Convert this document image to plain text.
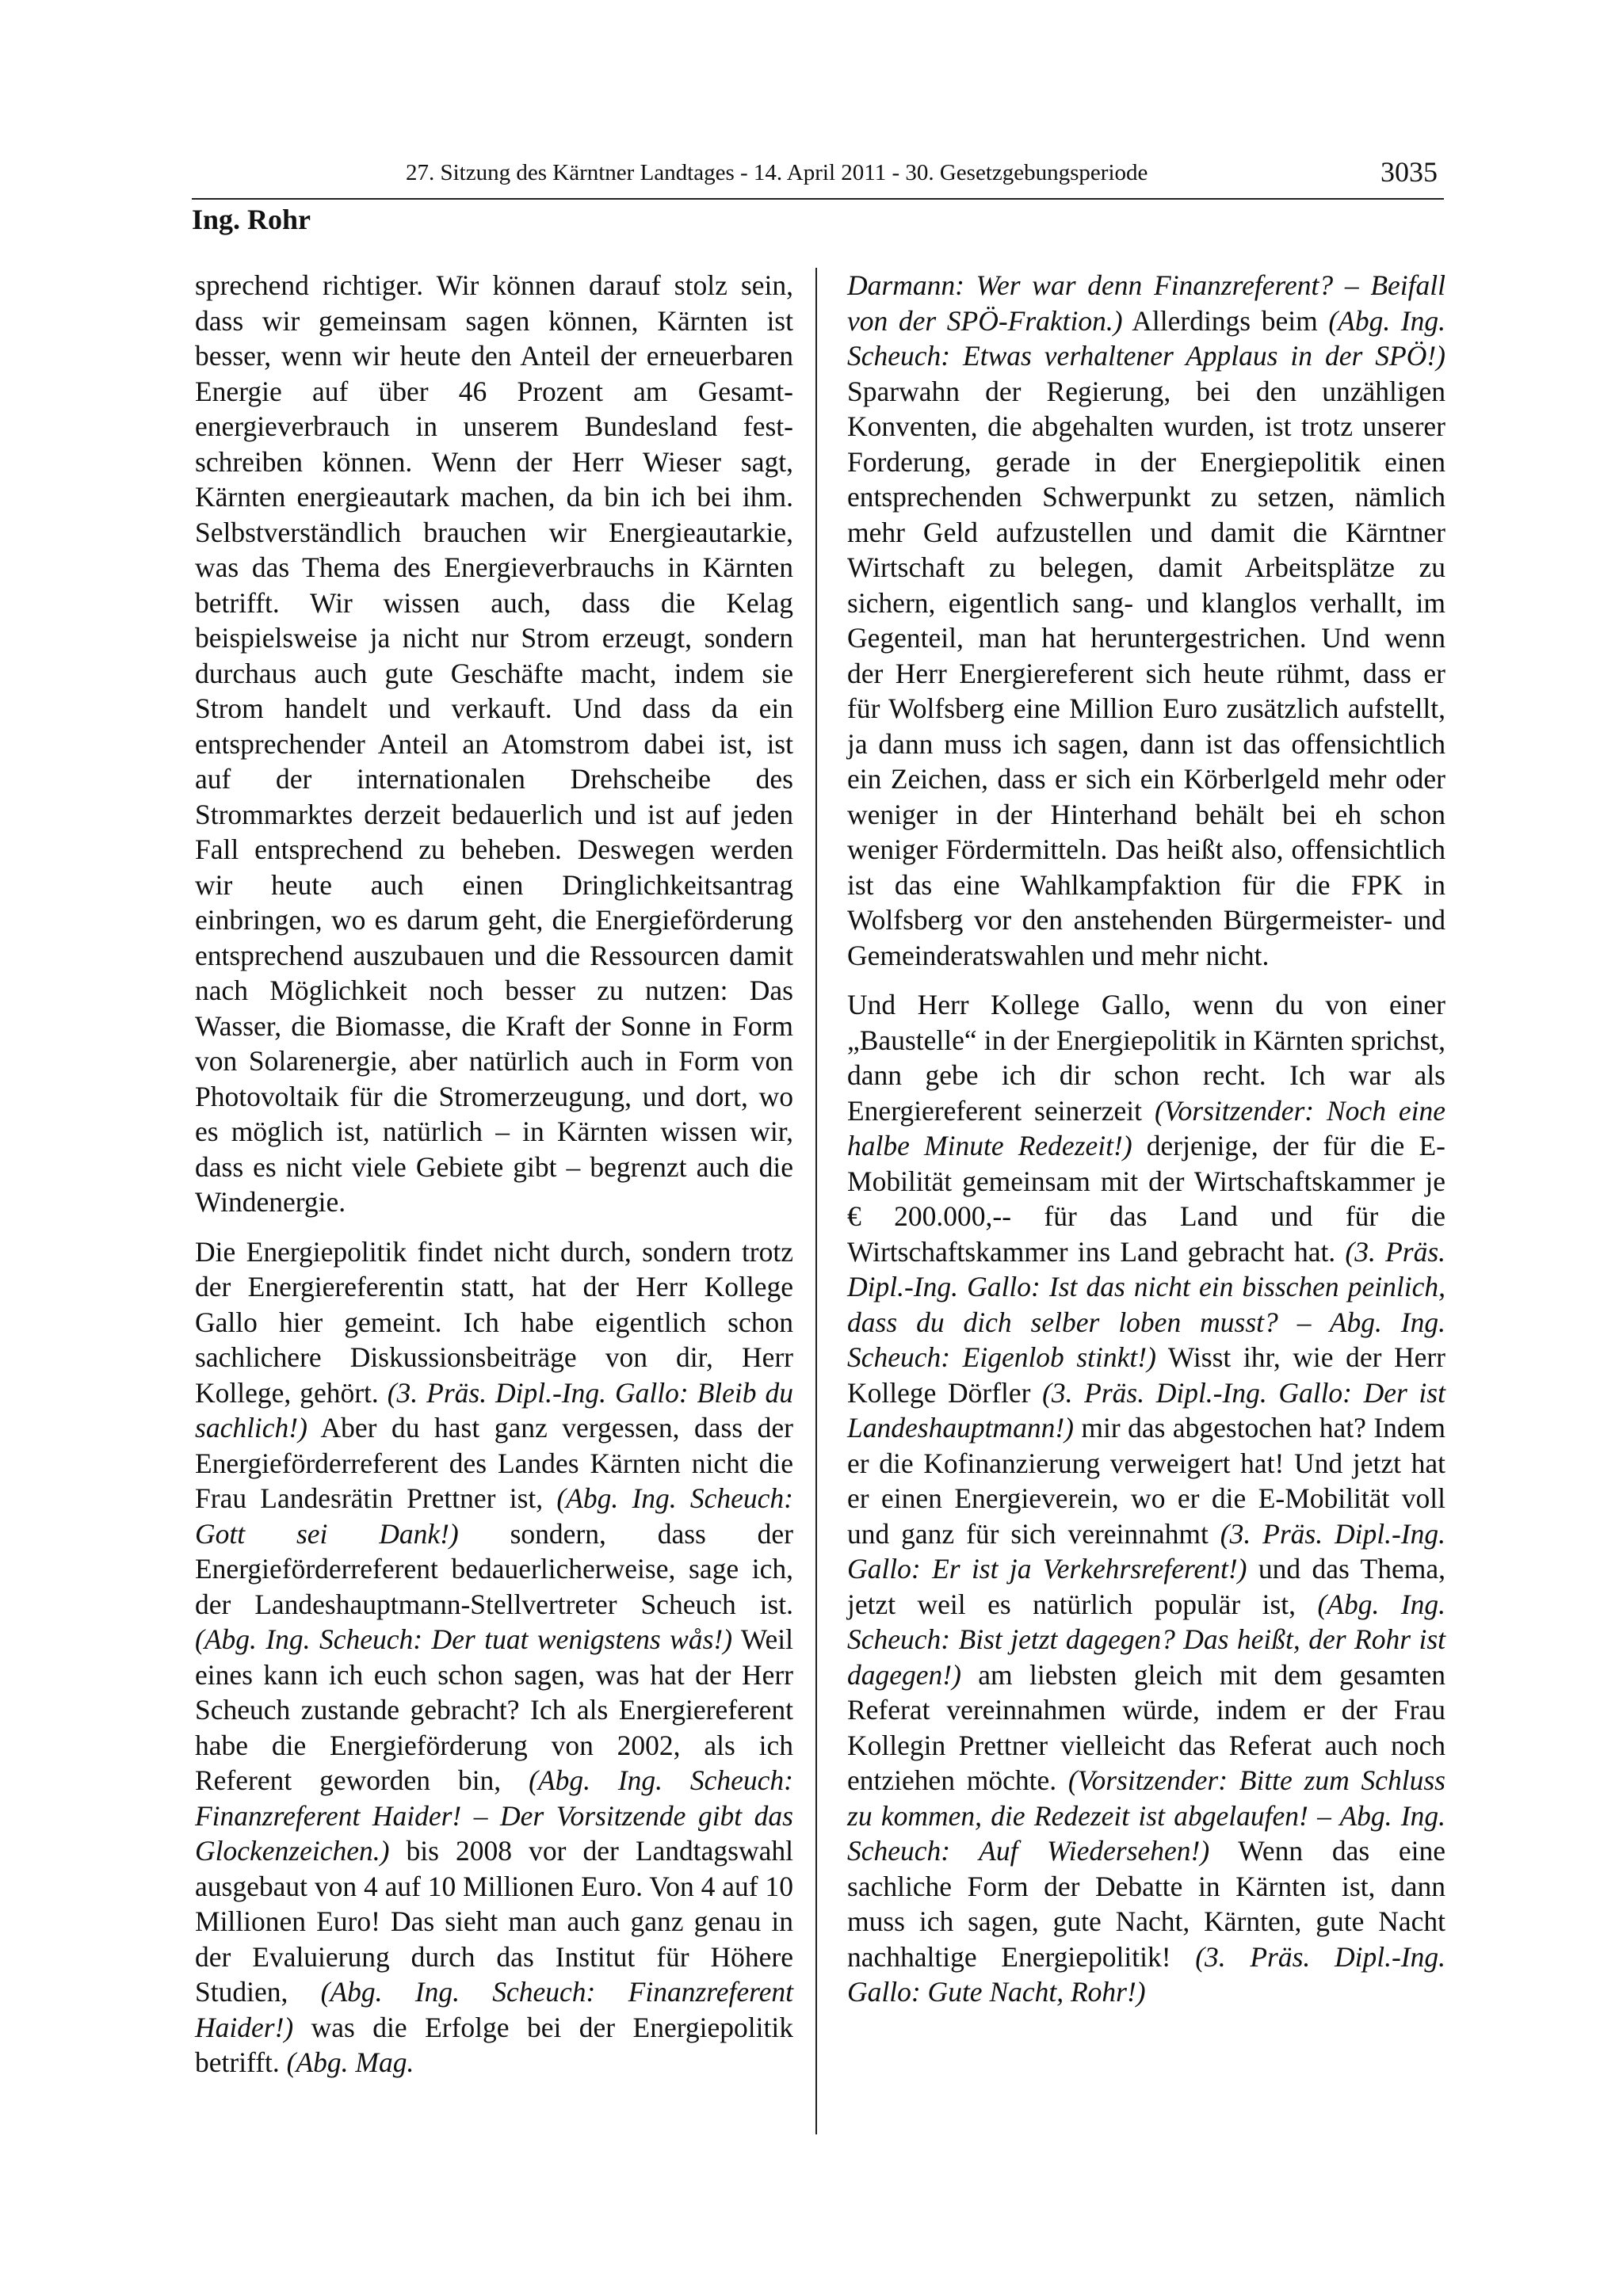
27. Sitzung des Kärntner Landtages - 14. April 2011 - 30. Gesetzgebungsperiode	3035
Ing. Rohr

sprechend richtiger. Wir können darauf stolz sein, dass wir gemeinsam sagen können, Kärnten ist besser, wenn wir heute den Anteil der erneuerbaren Energie auf über 46 Prozent am Gesamtenergieverbrauch in unserem Bundesland festschreiben können. Wenn der Herr Wieser sagt, Kärnten energieautark machen, da bin ich bei ihm. Selbstverständlich brauchen wir Energieautarkie, was das Thema des Energieverbrauchs in Kärnten betrifft. Wir wissen auch, dass die Kelag beispielsweise ja nicht nur Strom erzeugt, sondern durchaus auch gute Geschäfte macht, indem sie Strom handelt und verkauft. Und dass da ein entsprechender Anteil an Atomstrom dabei ist, ist auf der internationalen Drehscheibe des Strommarktes derzeit bedauerlich und ist auf jeden Fall entsprechend zu beheben. Deswegen werden wir heute auch einen Dringlichkeitsantrag einbringen, wo es darum geht, die Energieförderung entsprechend auszubauen und die Ressourcen damit nach Möglichkeit noch besser zu nutzen: Das Wasser, die Biomasse, die Kraft der Sonne in Form von Solarenergie, aber natürlich auch in Form von Photovoltaik für die Stromerzeugung, und dort, wo es möglich ist, natürlich – in Kärnten wissen wir, dass es nicht viele Gebiete gibt – begrenzt auch die Windenergie.

Die Energiepolitik findet nicht durch, sondern trotz der Energiereferentin statt, hat der Herr Kollege Gallo hier gemeint. Ich habe eigentlich schon sachlichere Diskussionsbeiträge von dir, Herr Kollege, gehört. (3. Präs. Dipl.-Ing. Gallo: Bleib du sachlich!) Aber du hast ganz vergessen, dass der Energieförderreferent des Landes Kärnten nicht die Frau Landesrätin Prettner ist, (Abg. Ing. Scheuch: Gott sei Dank!) sondern, dass der Energieförderreferent bedauerlicherweise, sage ich, der Landeshauptmann-Stellvertreter Scheuch ist. (Abg. Ing. Scheuch: Der tuat wenigstens wås!) Weil eines kann ich euch schon sagen, was hat der Herr Scheuch zustande gebracht? Ich als Energiereferent habe die Energieförderung von 2002, als ich Referent geworden bin, (Abg. Ing. Scheuch: Finanzreferent Haider! – Der Vorsitzende gibt das Glockenzeichen.) bis 2008 vor der Landtagswahl ausgebaut von 4 auf 10 Millionen Euro. Von 4 auf 10 Millionen Euro! Das sieht man auch ganz genau in der Evaluierung durch das Institut für Höhere Studien, (Abg. Ing. Scheuch: Finanzreferent Haider!) was die Erfolge bei der Energiepolitik betrifft. (Abg. Mag.

Darmann: Wer war denn Finanzreferent? – Beifall von der SPÖ-Fraktion.) Allerdings beim (Abg. Ing. Scheuch: Etwas verhaltener Applaus in der SPÖ!) Sparwahn der Regierung, bei den unzähligen Konventen, die abgehalten wurden, ist trotz unserer Forderung, gerade in der Energiepolitik einen entsprechenden Schwerpunkt zu setzen, nämlich mehr Geld aufzustellen und damit die Kärntner Wirtschaft zu belegen, damit Arbeitsplätze zu sichern, eigentlich sang- und klanglos verhallt, im Gegenteil, man hat heruntergestrichen. Und wenn der Herr Energiereferent sich heute rühmt, dass er für Wolfsberg eine Million Euro zusätzlich aufstellt, ja dann muss ich sagen, dann ist das offensichtlich ein Zeichen, dass er sich ein Körberlgeld mehr oder weniger in der Hinterhand behält bei eh schon weniger Fördermitteln. Das heißt also, offensichtlich ist das eine Wahlkampfaktion für die FPK in Wolfsberg vor den anstehenden Bürgermeister- und Gemeinderatswahlen und mehr nicht.

Und Herr Kollege Gallo, wenn du von einer „Baustelle“ in der Energiepolitik in Kärnten sprichst, dann gebe ich dir schon recht. Ich war als Energiereferent seinerzeit (Vorsitzender: Noch eine halbe Minute Redezeit!) derjenige, der für die E-Mobilität gemeinsam mit der Wirtschaftskammer je € 200.000,-- für das Land und für die Wirtschaftskammer ins Land gebracht hat. (3. Präs. Dipl.-Ing. Gallo: Ist das nicht ein bisschen peinlich, dass du dich selber loben musst? – Abg. Ing. Scheuch: Eigenlob stinkt!) Wisst ihr, wie der Herr Kollege Dörfler (3. Präs. Dipl.-Ing. Gallo: Der ist Landeshauptmann!) mir das abgestochen hat? Indem er die Kofinanzierung verweigert hat! Und jetzt hat er einen Energieverein, wo er die E-Mobilität voll und ganz für sich vereinnahmt (3. Präs. Dipl.-Ing. Gallo: Er ist ja Verkehrsreferent!) und das Thema, jetzt weil es natürlich populär ist, (Abg. Ing. Scheuch: Bist jetzt dagegen? Das heißt, der Rohr ist dagegen!) am liebsten gleich mit dem gesamten Referat vereinnahmen würde, indem er der Frau Kollegin Prettner vielleicht das Referat auch noch entziehen möchte. (Vorsitzender: Bitte zum Schluss zu kommen, die Redezeit ist abgelaufen! – Abg. Ing. Scheuch: Auf Wiedersehen!) Wenn das eine sachliche Form der Debatte in Kärnten ist, dann muss ich sagen, gute Nacht, Kärnten, gute Nacht nachhaltige Energiepolitik! (3. Präs. Dipl.-Ing. Gallo: Gute Nacht, Rohr!)
